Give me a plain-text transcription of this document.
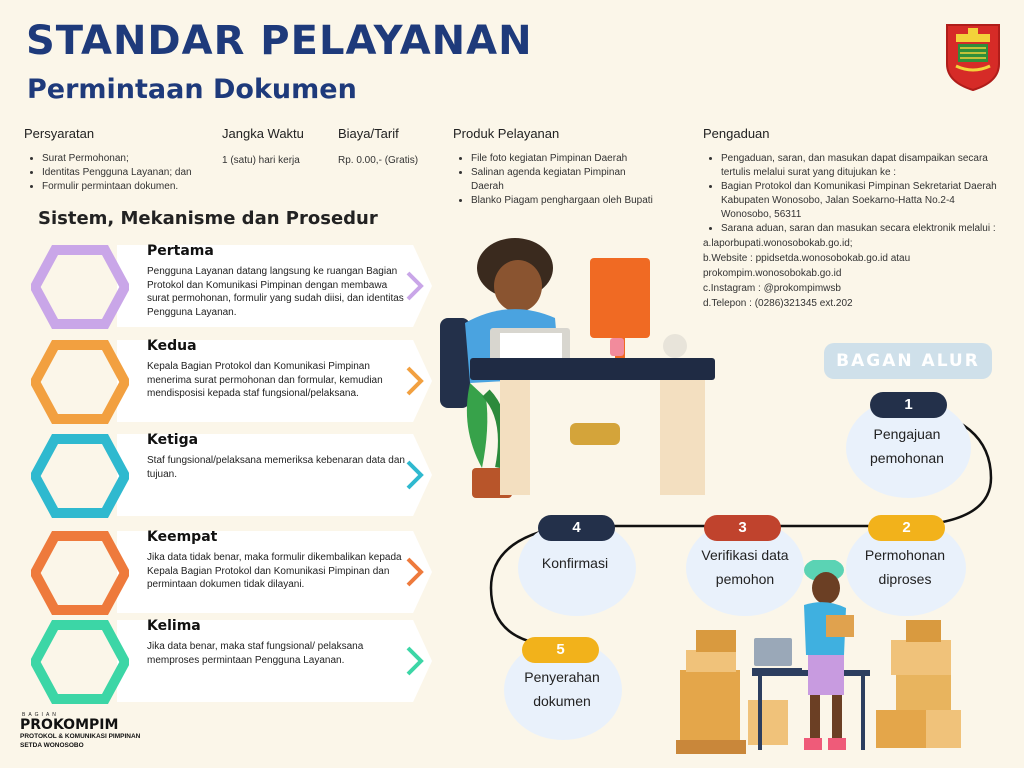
STANDAR PELAYANAN
Permintaan Dokumen
Persyaratan
• Surat Permohonan;
• Identitas Pengguna Layanan; dan
• Formulir permintaan dokumen.
Jangka Waktu
1 (satu) hari kerja
Biaya/Tarif
Rp. 0.00,- (Gratis)
Produk Pelayanan
• File foto kegiatan Pimpinan Daerah
• Salinan agenda kegiatan Pimpinan Daerah
• Blanko Piagam penghargaan oleh Bupati
Pengaduan
• Pengaduan, saran, dan masukan dapat disampaikan secara tertulis melalui surat yang ditujukan ke :
• Bagian Protokol dan Komunikasi Pimpinan Sekretariat Daerah Kabupaten Wonosobo, Jalan Soekarno-Hatta No.2-4 Wonosobo, 56311
• Sarana aduan, saran dan masukan secara elektronik melalui :
a.laporbupati.wonosobokab.go.id;
b.Website : ppidsetda.wonosobokab.go.id atau
prokompim.wonosobokab.go.id
c.Instagram : @prokompimwsb
d.Telepon : (0286)321345 ext.202
Sistem, Mekanisme dan Prosedur
Pertama
Pengguna Layanan datang langsung ke ruangan Bagian Protokol dan Komunikasi Pimpinan dengan membawa surat permohonan, formulir yang sudah diisi, dan identitas Pengguna Layanan.
Kedua
Kepala Bagian Protokol dan Komunikasi Pimpinan menerima surat permohonan dan formular, kemudian mendisposisi kepada staf fungsional/pelaksana.
Ketiga
Staf fungsional/pelaksana memeriksa kebenaran data dan tujuan.
Keempat
Jika data tidak benar, maka formulir dikembalikan kepada Kepala Bagian Protokol dan Komunikasi Pimpinan dan permintaan dokumen tidak dilayani.
Kelima
Jika data benar, maka staf fungsional/ pelaksana memproses permintaan Pengguna Layanan.
BAGAN ALUR
1
Pengajuan
pemohonan
2
Permohonan
diproses
3
Verifikasi data
pemohon
4
Konfirmasi
5
Penyerahan
dokumen
BAGIAN
PROKOMPIM
PROTOKOL & KOMUNIKASI PIMPINAN
SETDA WONOSOBO
